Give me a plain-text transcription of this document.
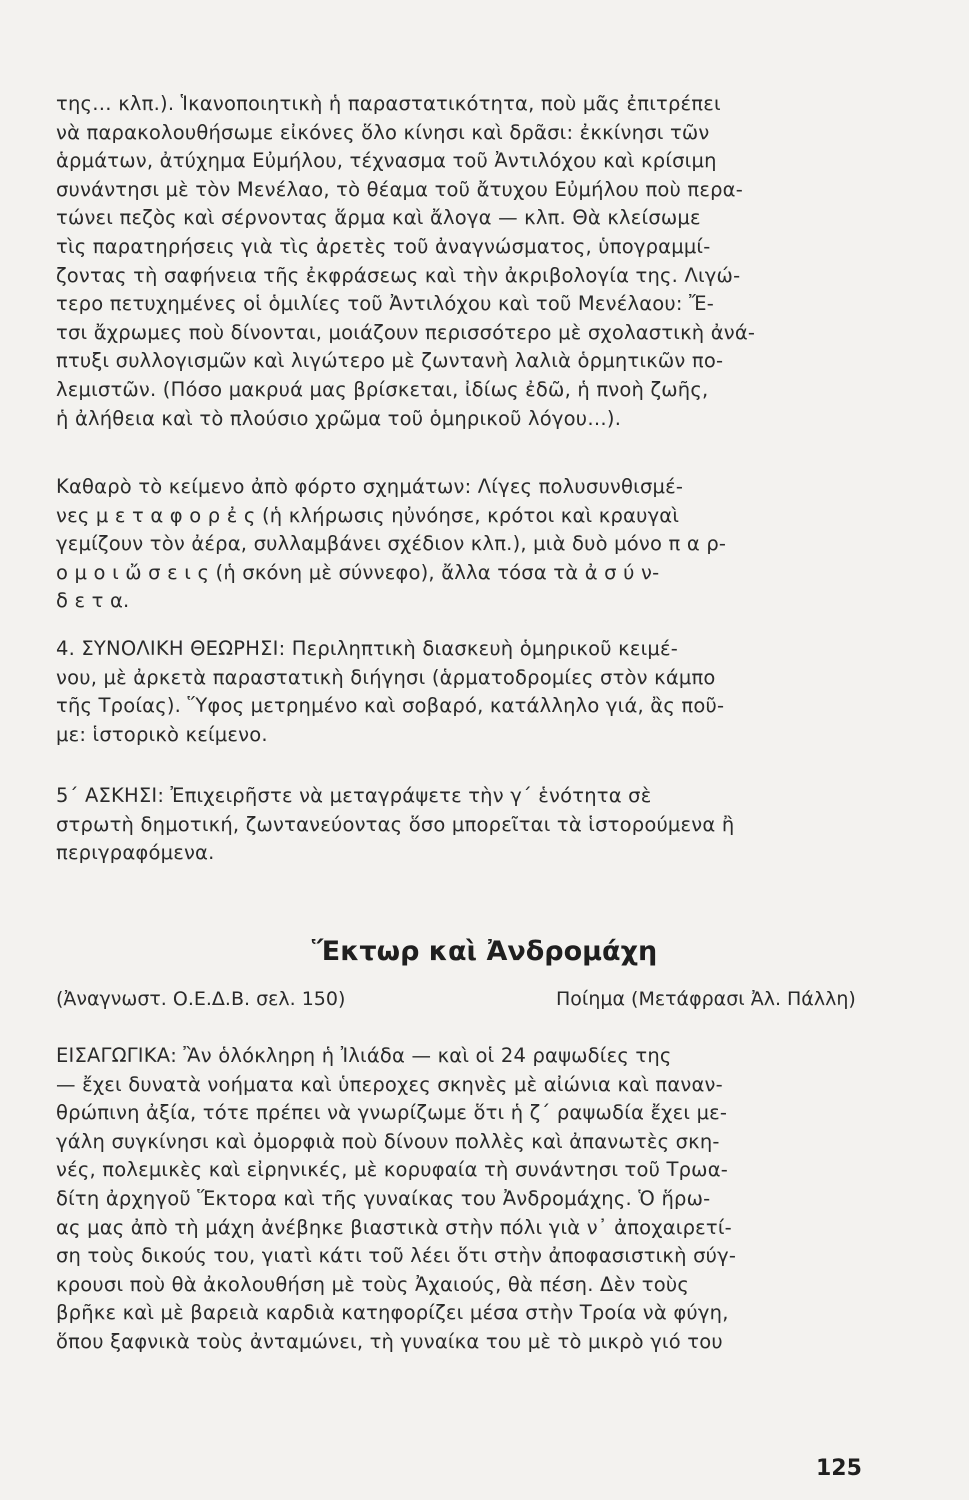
της… κλπ.). Ἱκανοποιητικὴ ἡ παραστατικότητα, ποὺ μᾶς ἐπιτρέπει
νὰ παρακολουθήσωμε εἰκόνες ὅλο κίνησι καὶ δρᾶσι: ἐκκίνησι τῶν
ἁρμάτων, ἀτύχημα Εὐμήλου, τέχνασμα τοῦ Ἀντιλόχου καὶ κρίσιμη
συνάντησι μὲ τὸν Μενέλαο, τὸ θέαμα τοῦ ἄτυχου Εὐμήλου ποὺ περα-
τώνει πεζὸς καὶ σέρνοντας ἅρμα καὶ ἄλογα — κλπ. Θὰ κλείσωμε
τὶς παρατηρήσεις γιὰ τὶς ἀρετὲς τοῦ ἀναγνώσματος, ὑπογραμμί-
ζοντας τὴ σαφήνεια τῆς ἐκφράσεως καὶ τὴν ἀκριβολογία της. Λιγώ-
τερο πετυχημένες οἱ ὁμιλίες τοῦ Ἀντιλόχου καὶ τοῦ Μενέλαου: Ἔ-
τσι ἄχρωμες ποὺ δίνονται, μοιάζουν περισσότερο μὲ σχολαστικὴ ἀνά-
πτυξι συλλογισμῶν καὶ λιγώτερο μὲ ζωντανὴ λαλιὰ ὁρμητικῶν πο-
λεμιστῶν. (Πόσο μακρυά μας βρίσκεται, ἰδίως ἐδῶ, ἡ πνοὴ ζωῆς,
ἡ ἀλήθεια καὶ τὸ πλούσιο χρῶμα τοῦ ὁμηρικοῦ λόγου…).
Καθαρὸ τὸ κείμενο ἀπὸ φόρτο σχημάτων: Λίγες πολυσυνθισμέ-
νες μ ε τ α φ ο ρ ἐ ς (ἡ κλήρωσις ηὐνόησε, κρότοι καὶ κραυγαὶ
γεμίζουν τὸν ἀέρα, συλλαμβάνει σχέδιον κλπ.), μιὰ δυὸ μόνο π α ρ-
ο μ ο ι ὤ σ ε ι ς (ἡ σκόνη μὲ σύννεφο), ἄλλα τόσα τὰ ἀ σ ύ ν-
δ ε τ α.
4. ΣΥΝΟΛΙΚΗ ΘΕΩΡΗΣΙ: Περιληπτικὴ διασκευὴ ὁμηρικοῦ κειμέ-
νου, μὲ ἀρκετὰ παραστατικὴ διήγησι (ἁρματοδρομίες στὸν κάμπο
τῆς Τροίας). Ὕφος μετρημένο καὶ σοβαρό, κατάλληλο γιά, ἂς ποῦ-
με: ἱστορικὸ κείμενο.
5΄ ΑΣΚΗΣΙ: Ἐπιχειρῆστε νὰ μεταγράψετε τὴν γ΄ ἑνότητα σὲ
στρωτὴ δημοτική, ζωντανεύοντας ὅσο μπορεῖται τὰ ἱστορούμενα ἢ
περιγραφόμενα.
Ἕκτωρ καὶ Ἀνδρομάχη
(Ἀναγνωστ. Ο.Ε.Δ.Β. σελ. 150)	Ποίημα (Μετάφρασι Ἀλ. Πάλλη)
ΕΙΣΑΓΩΓΙΚΑ: Ἂν ὁλόκληρη ἡ Ἰλιάδα — καὶ οἱ 24 ραψωδίες της
— ἔχει δυνατὰ νοήματα καὶ ὑπεροχες σκηνὲς μὲ αἰώνια καὶ παναν-
θρώπινη ἀξία, τότε πρέπει νὰ γνωρίζωμε ὅτι ἡ ζ΄ ραψωδία ἔχει με-
γάλη συγκίνησι καὶ ὀμορφιὰ ποὺ δίνουν πολλὲς καὶ ἀπανωτὲς σκη-
νές, πολεμικὲς καὶ εἰρηνικές, μὲ κορυφαία τὴ συνάντησι τοῦ Τρωα-
δίτη ἀρχηγοῦ Ἕκτορα καὶ τῆς γυναίκας του Ἀνδρομάχης. Ὁ ἥρω-
ας μας ἀπὸ τὴ μάχη ἀνέβηκε βιαστικὰ στὴν πόλι γιὰ ν᾽ ἀποχαιρετί-
ση τοὺς δικούς του, γιατὶ κάτι τοῦ λέει ὅτι στὴν ἀποφασιστικὴ σύγ-
κρουσι ποὺ θὰ ἀκολουθήση μὲ τοὺς Ἀχαιούς, θὰ πέση. Δὲν τοὺς
βρῆκε καὶ μὲ βαρειὰ καρδιὰ κατηφορίζει μέσα στὴν Τροία νὰ φύγη,
ὅπου ξαφνικὰ τοὺς ἀνταμώνει, τὴ γυναίκα του μὲ τὸ μικρὸ γιό του
125
